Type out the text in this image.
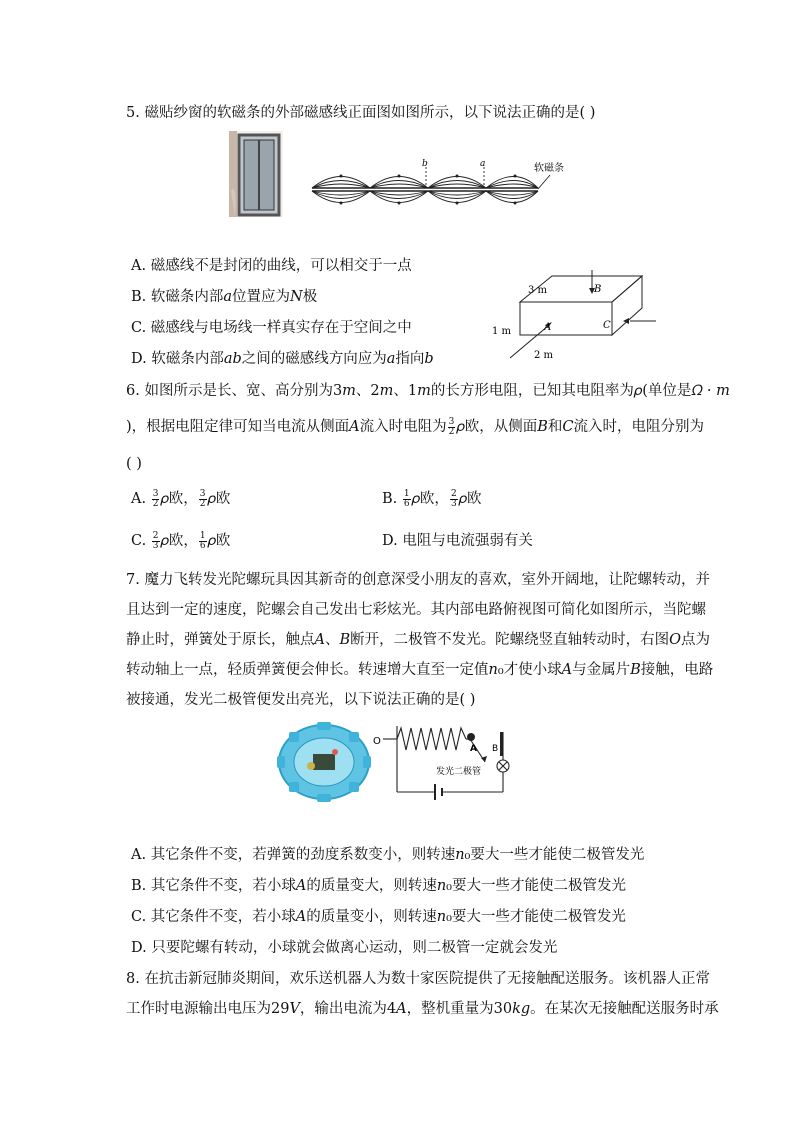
5. 磁贴纱窗的软磁条的外部磁感线正面图如图所示，以下说法正确的是( )
b	a	软磁条
A. 磁感线不是封闭的曲线，可以相交于一点
B. 软磁条内部𝑎位置应为𝑁极
C. 磁感线与电场线一样真实存在于空间之中
D. 软磁条内部𝑎𝑏之间的磁感线方向应为𝑎指向𝑏
3 m
1 m
2 m
A
B
C
6. 如图所示是长、宽、高分别为3𝑚、2𝑚、1𝑚的长方形电阻，已知其电阻率为𝜌(单位是𝛺 · 𝑚
)，根据电阻定律可知当电流从侧面𝐴流入时电阻为 $\frac{3}{2}$ 𝜌欧，从侧面𝐵和𝐶流入时，电阻分别为
( )
A. $\frac{3}{2}$ 𝜌欧， $\frac{3}{2}$ 𝜌欧	B. $\frac{1}{6}$ 𝜌欧， $\frac{2}{3}$ 𝜌欧
C. $\frac{2}{3}$ 𝜌欧， $\frac{1}{6}$ 𝜌欧	D. 电阻与电流强弱有关
7. 魔力飞转发光陀螺玩具因其新奇的创意深受小朋友的喜欢，室外开阔地，让陀螺转动，并
且达到一定的速度，陀螺会自己发出七彩炫光。其内部电路俯视图可简化如图所示，当陀螺
静止时，弹簧处于原长，触点𝐴、𝐵断开，二极管不发光。陀螺绕竖直轴转动时，右图𝑂点为
转动轴上一点，轻质弹簧便会伸长。转速增大直至一定值𝑛₀才使小球𝐴与金属片𝐵接触，电路
被接通，发光二极管便发出亮光，以下说法正确的是( )
O
A B
发光二极管
A. 其它条件不变，若弹簧的劲度系数变小，则转速𝑛₀要大一些才能使二极管发光
B. 其它条件不变，若小球𝐴的质量变大，则转速𝑛₀要大一些才能使二极管发光
C. 其它条件不变，若小球𝐴的质量变小，则转速𝑛₀要大一些才能使二极管发光
D. 只要陀螺有转动，小球就会做离心运动，则二极管一定就会发光
8. 在抗击新冠肺炎期间，欢乐送机器人为数十家医院提供了无接触配送服务。该机器人正常
工作时电源输出电压为29𝑉，输出电流为4𝐴，整机重量为30𝑘𝑔。在某次无接触配送服务时承
